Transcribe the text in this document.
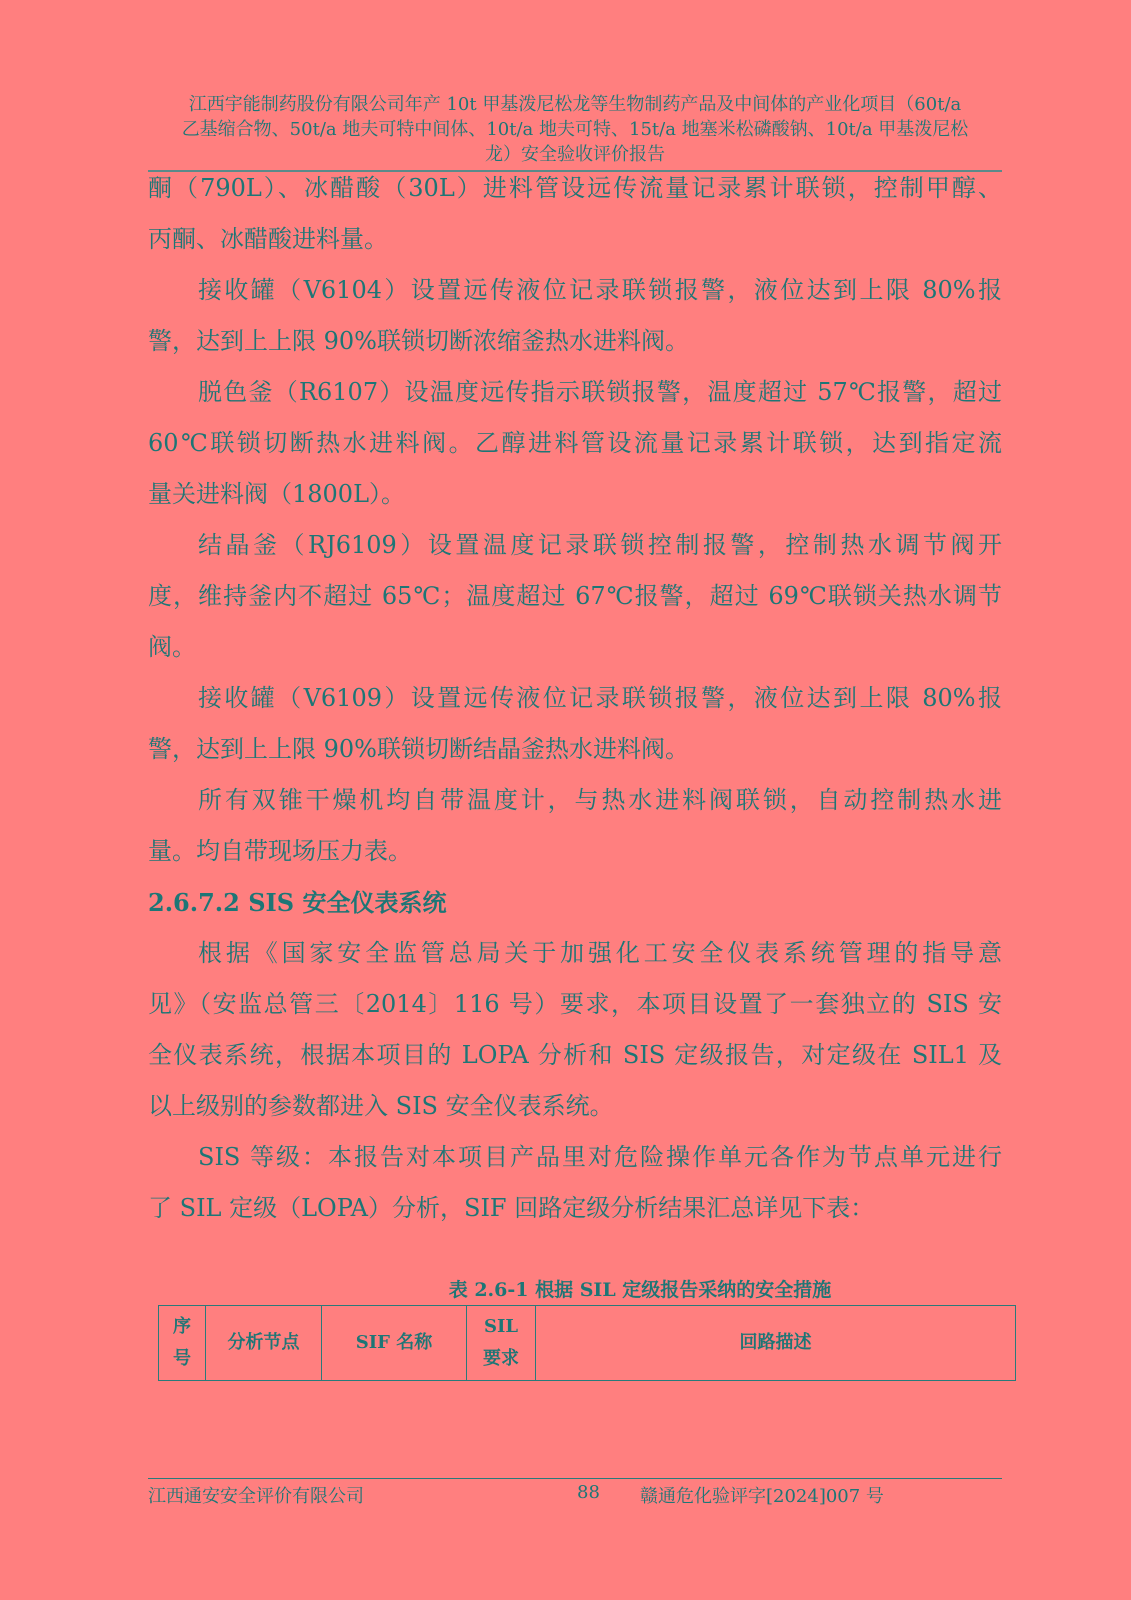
江西宇能制药股份有限公司年产 10t 甲基泼尼松龙等生物制药产品及中间体的产业化项目（60t/a
乙基缩合物、50t/a 地夫可特中间体、10t/a 地夫可特、15t/a 地塞米松磷酸钠、10t/a 甲基泼尼松
龙）安全验收评价报告
酮（790L）、冰醋酸（30L）进料管设远传流量记录累计联锁，控制甲醇、
丙酮、冰醋酸进料量。
接收罐（V6104）设置远传液位记录联锁报警，液位达到上限 80%报
警，达到上上限 90%联锁切断浓缩釜热水进料阀。
脱色釜（R6107）设温度远传指示联锁报警，温度超过 57℃报警，超过
60℃联锁切断热水进料阀。乙醇进料管设流量记录累计联锁，达到指定流
量关进料阀（1800L）。
结晶釜（RJ6109）设置温度记录联锁控制报警，控制热水调节阀开
度，维持釜内不超过 65℃；温度超过 67℃报警，超过 69℃联锁关热水调节
阀。
接收罐（V6109）设置远传液位记录联锁报警，液位达到上限 80%报
警，达到上上限 90%联锁切断结晶釜热水进料阀。
所有双锥干燥机均自带温度计，与热水进料阀联锁，自动控制热水进
量。均自带现场压力表。
2.6.7.2 SIS 安全仪表系统
根据《国家安全监管总局关于加强化工安全仪表系统管理的指导意
见》（安监总管三〔2014〕116 号）要求，本项目设置了一套独立的 SIS 安
全仪表系统，根据本项目的 LOPA 分析和 SIS 定级报告，对定级在 SIL1 及
以上级别的参数都进入 SIS 安全仪表系统。
SIS 等级：本报告对本项目产品里对危险操作单元各作为节点单元进行
了 SIL 定级（LOPA）分析，SIF 回路定级分析结果汇总详见下表：
表 2.6-1 根据 SIL 定级报告采纳的安全措施
序
号	分析节点	SIF 名称	SIL
要求	回路描述
江西通安安全评价有限公司	88 赣通危化验评字[2024]007 号
